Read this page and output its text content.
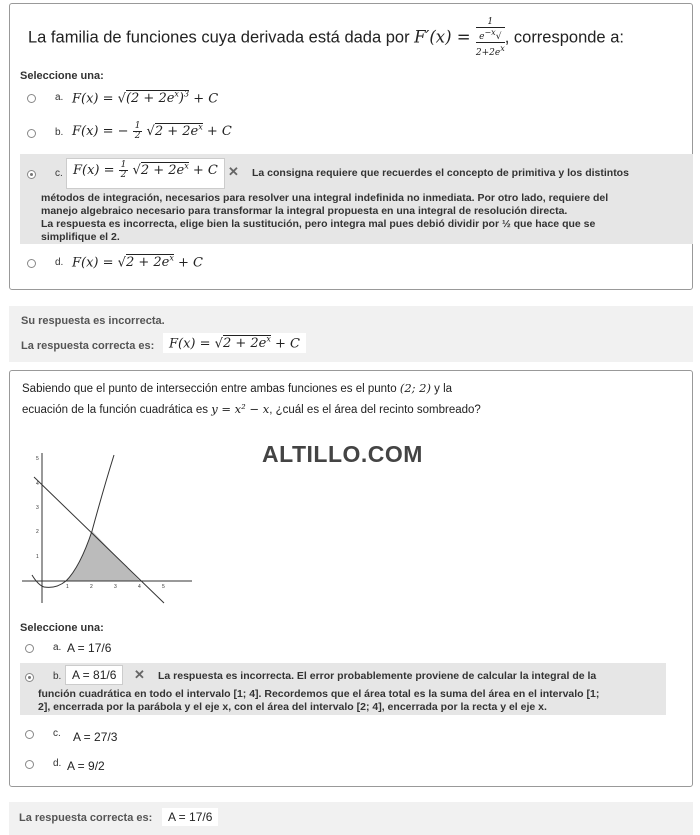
La familia de funciones cuya derivada está dada por F′(x) = 1
$e^{-x}√$
$2+2e^x$ , corresponde a:
Seleccione una:
a. $F(x) = √(2 + 2e^x)^3 + C$
b. F(x) = − $\frac{1}{2} √2 + 2e^x + C$
c. $F(x) = \frac{1}{2} √2 + 2e^x + C$ ✕ La consigna requiere que recuerdes el concepto de primitiva y los distintos
métodos de integración, necesarios para resolver una integral indefinida no inmediata. Por otro lado, requiere del
manejo algebraico necesario para transformar la integral propuesta en una integral de resolución directa.
La respuesta es incorrecta, elige bien la sustitución, pero integra mal pues debió dividir por ½ que hace que se
simplifique el 2.
d. $F(x) = √2 + 2e^x + C$
Su respuesta es incorrecta.
La respuesta correcta es:	$F(x) = √2 + 2e^x + C$
Sabiendo que el punto de intersección entre ambas funciones es el punto (2; 2) y la
ecuación de la función cuadrática es y = x² − x, ¿cuál es el área del recinto sombreado?
ALTILLO.COM
1	2	3	4	5
1
2
3
4
5
Seleccione una:
a. A = 17/6
b. A = 81/6	✕ La respuesta es incorrecta. El error probablemente proviene de calcular la integral de la
función cuadrática en todo el intervalo [1; 4]. Recordemos que el área total es la suma del área en el intervalo [1;
2], encerrada por la parábola y el eje x, con el área del intervalo [2; 4], encerrada por la recta y el eje x.
c. A = 27/3
d. A = 9/2
La respuesta correcta es:	A = 17/6
